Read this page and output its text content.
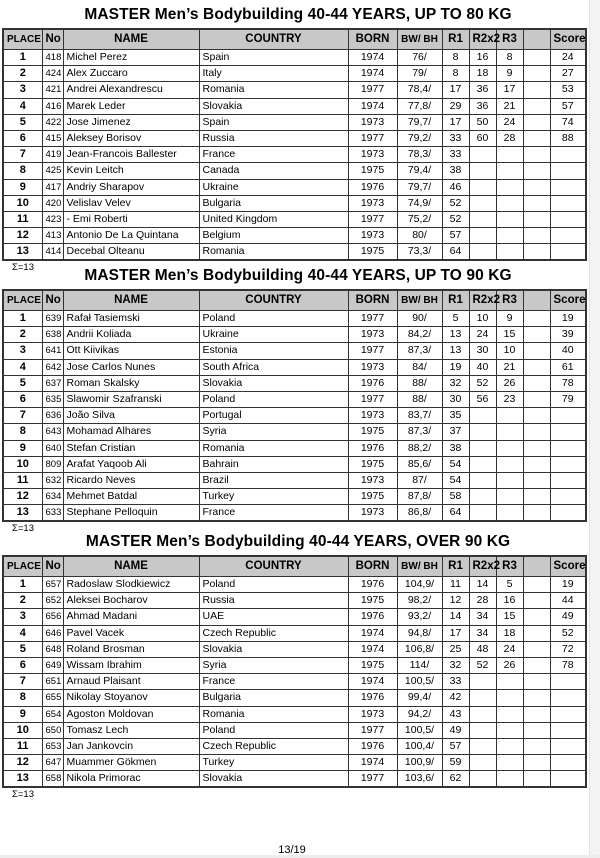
MASTER Men’s Bodybuilding 40-44 YEARS, UP TO 80 KG
PLACE	No	NAME	COUNTRY	BORN	BW/ BH	R1	R2x2	R3		Score
1	418	Michel Perez	Spain	1974	76/	8	16	8		24
2	424	Alex Zuccaro	Italy	1974	79/	8	18	9		27
3	421	Andrei Alexandrescu	Romania	1977	78,4/	17	36	17		53
4	416	Marek Leder	Slovakia	1974	77,8/	29	36	21		57
5	422	Jose Jimenez	Spain	1973	79,7/	17	50	24		74
6	415	Aleksey Borisov	Russia	1977	79,2/	33	60	28		88
7	419	Jean-Francois Ballester	France	1973	78,3/	33				
8	425	Kevin Leitch	Canada	1975	79,4/	38				
9	417	Andriy Sharapov	Ukraine	1976	79,7/	46				
10	420	Velislav Velev	Bulgaria	1973	74,9/	52				
11	423	- Emi Roberti	United Kingdom	1977	75,2/	52				
12	413	Antonio De La Quintana	Belgium	1973	80/	57				
13	414	Decebal Olteanu	Romania	1975	73,3/	64				
Σ=13	MASTER Men’s Bodybuilding 40-44 YEARS, UP TO 90 KG
PLACE	No	NAME	COUNTRY	BORN	BW/ BH	R1	R2x2	R3		Score
1	639	Rafał Tasiemski	Poland	1977	90/	5	10	9		19
2	638	Andrii Koliada	Ukraine	1973	84,2/	13	24	15		39
3	641	Ott Kiivikas	Estonia	1977	87,3/	13	30	10		40
4	642	Jose Carlos Nunes	South Africa	1973	84/	19	40	21		61
5	637	Roman Skalsky	Slovakia	1976	88/	32	52	26		78
6	635	Slawomir Szafranski	Poland	1977	88/	30	56	23		79
7	636	João Silva	Portugal	1973	83,7/	35				
8	643	Mohamad Alhares	Syria	1975	87,3/	37				
9	640	Stefan Cristian	Romania	1976	88,2/	38				
10	809	Arafat Yaqoob Ali	Bahrain	1975	85,6/	54				
11	632	Ricardo Neves	Brazil	1973	87/	54				
12	634	Mehmet Batdal	Turkey	1975	87,8/	58				
13	633	Stephane Pelloquin	France	1973	86,8/	64				
Σ=13
MASTER Men’s Bodybuilding 40-44 YEARS, OVER 90 KG
PLACE	No	NAME	COUNTRY	BORN	BW/ BH	R1	R2x2	R3		Score
1	657	Radoslaw Slodkiewicz	Poland	1976	104,9/	11	14	5		19
2	652	Aleksei Bocharov	Russia	1975	98,2/	12	28	16		44
3	656	Ahmad Madani	UAE	1976	93,2/	14	34	15		49
4	646	Pavel Vacek	Czech Republic	1974	94,8/	17	34	18		52
5	648	Roland Brosman	Slovakia	1974	106,8/	25	48	24		72
6	649	Wissam Ibrahim	Syria	1975	114/	32	52	26		78
7	651	Arnaud Plaisant	France	1974	100,5/	33				
8	655	Nikolay Stoyanov	Bulgaria	1976	99,4/	42				
9	654	Agoston Moldovan	Romania	1973	94,2/	43				
10	650	Tomasz Lech	Poland	1977	100,5/	49				
11	653	Jan Jankovcin	Czech Republic	1976	100,4/	57				
12	647	Muammer Gökmen	Turkey	1974	100,9/	59				
13	658	Nikola Primorac	Slovakia	1977	103,6/	62				
Σ=13
13/19
